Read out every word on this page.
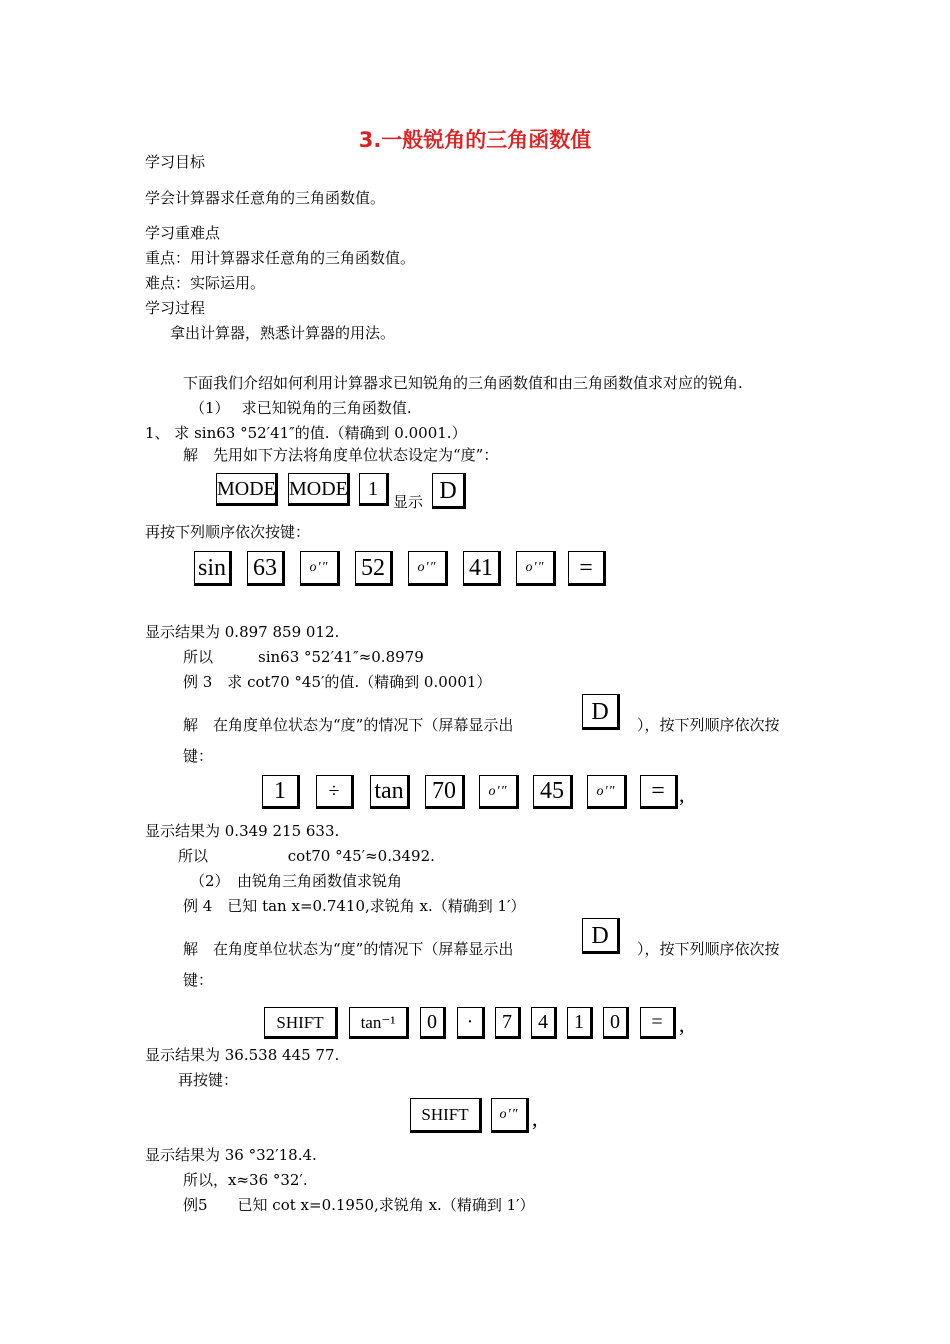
3.一般锐角的三角函数值
学习目标
学会计算器求任意角的三角函数值。
学习重难点
重点：用计算器求任意角的三角函数值。
难点：实际运用。
学习过程
拿出计算器，熟悉计算器的用法。
下面我们介绍如何利用计算器求已知锐角的三角函数值和由三角函数值求对应的锐角.
（1）　 求已知锐角的三角函数值.
1、 求 sin63 °52′41″的值.（精确到 0.0001.）
解　先用如下方法将角度单位状态设定为“度”：
MODE MODE	1
显示 D
再按下列顺序依次按键：
sin 63	o′″	52	o′″	41	o′″	=
显示结果为 0.897 859 012.
所以　　　sin63 °52′41″≈0.8979
例 3　求 cot70 °45′的值.（精确到 0.0001）
解　在角度单位状态为“度”的情况下（屏幕显示出	D	），按下列顺序依次按
键：
1	÷	tan 70	o′″	45	o′″	= ,
显示结果为 0.349 215 633.
所以　　　　　 cot70 °45′≈0.3492.
（2）　由锐角三角函数值求锐角
例 4　已知 tan x=0.7410,求锐角 x.（精确到 1′）
解　在角度单位状态为“度”的情况下（屏幕显示出	D	），按下列顺序依次按
键：
SHIFT	tan⁻¹	0	·	7	4	1	0	= ,
显示结果为 36.538 445 77.
再按键：
SHIFT	o′″ ,
显示结果为 36 °32′18.4.
所以，x≈36 °32′.
例5　　已知 cot x=0.1950,求锐角 x.（精确到 1′）
